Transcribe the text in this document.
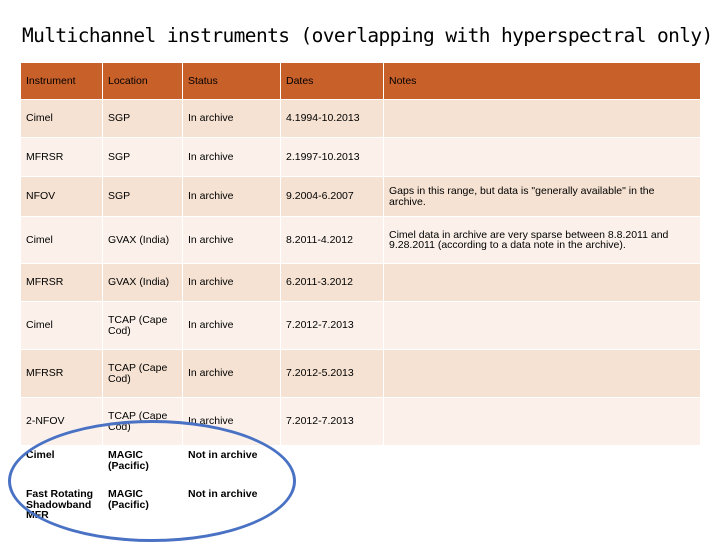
Multichannel instruments (overlapping with hyperspectral only)
Instrument	Location	Status	Dates	Notes
Cimel	SGP	In archive	4.1994-10.2013	
MFRSR	SGP	In archive	2.1997-10.2013	
NFOV	SGP	In archive	9.2004-6.2007	Gaps in this range, but data is "generally available" in the archive.
Cimel	GVAX (India)	In archive	8.2011-4.2012	Cimel data in archive are very sparse between 8.8.2011 and 9.28.2011 (according to a data note in the archive).
MFRSR	GVAX (India)	In archive	6.2011-3.2012	
Cimel	TCAP (Cape Cod)	In archive	7.2012-7.2013	
MFRSR	TCAP (Cape Cod)	In archive	7.2012-5.2013	
2-NFOV	TCAP (Cape Cod)	In archive	7.2012-7.2013	
Cimel	MAGIC (Pacific)	Not in archive		
Fast Rotating Shadowband MFR	MAGIC (Pacific)	Not in archive		
